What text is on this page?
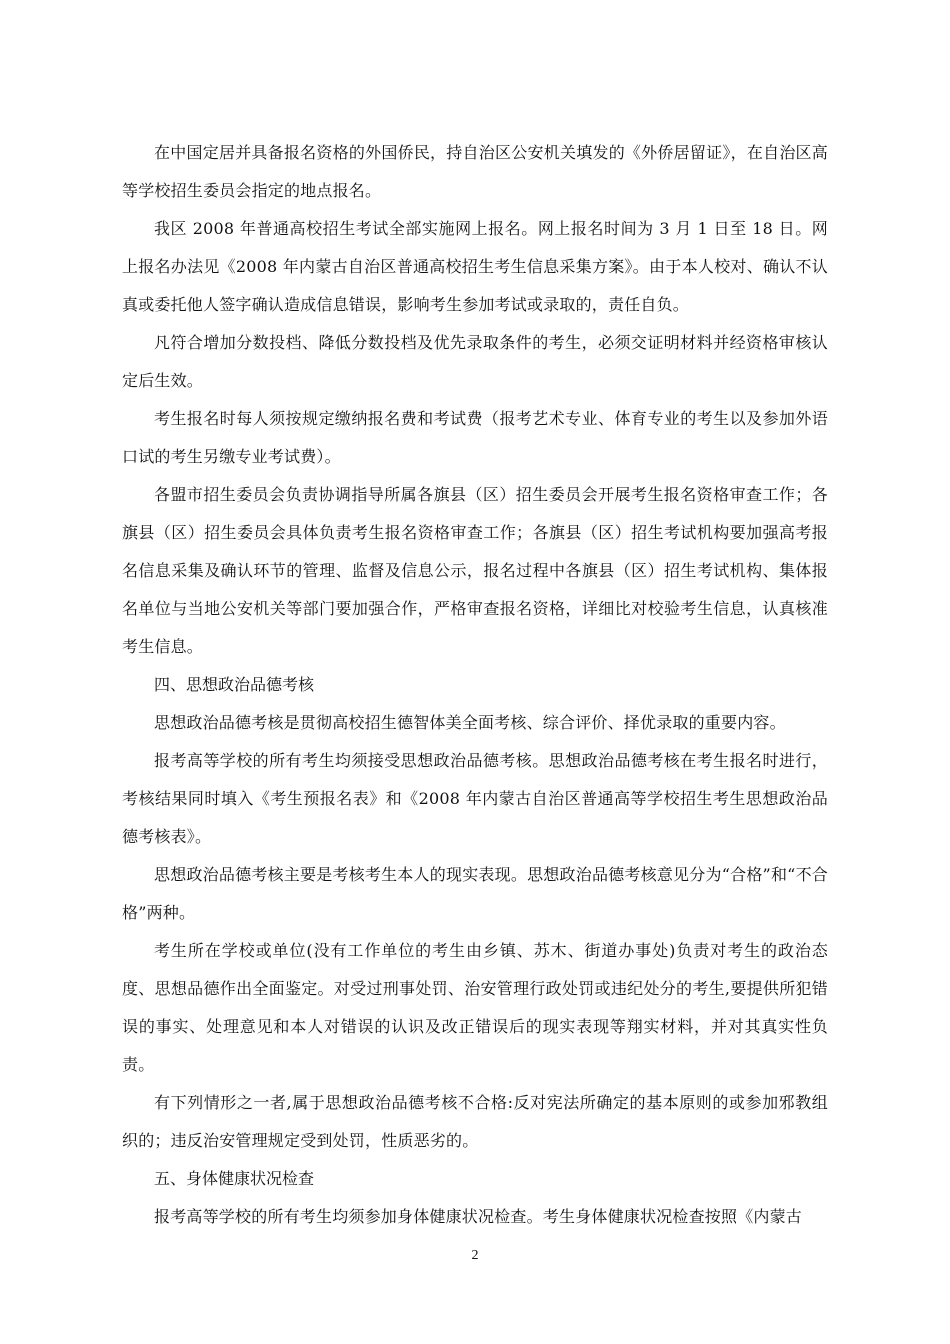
在中国定居并具备报名资格的外国侨民，持自治区公安机关填发的《外侨居留证》，在自治区高等学校招生委员会指定的地点报名。

我区 2008 年普通高校招生考试全部实施网上报名。网上报名时间为 3 月 1 日至 18 日。网上报名办法见《2008 年内蒙古自治区普通高校招生考生信息采集方案》。由于本人校对、确认不认真或委托他人签字确认造成信息错误，影响考生参加考试或录取的，责任自负。

凡符合增加分数投档、降低分数投档及优先录取条件的考生，必须交证明材料并经资格审核认定后生效。

考生报名时每人须按规定缴纳报名费和考试费（报考艺术专业、体育专业的考生以及参加外语口试的考生另缴专业考试费）。

各盟市招生委员会负责协调指导所属各旗县（区）招生委员会开展考生报名资格审查工作；各旗县（区）招生委员会具体负责考生报名资格审查工作；各旗县（区）招生考试机构要加强高考报名信息采集及确认环节的管理、监督及信息公示，报名过程中各旗县（区）招生考试机构、集体报名单位与当地公安机关等部门要加强合作，严格审查报名资格，详细比对校验考生信息，认真核准考生信息。

四、思想政治品德考核

思想政治品德考核是贯彻高校招生德智体美全面考核、综合评价、择优录取的重要内容。

报考高等学校的所有考生均须接受思想政治品德考核。思想政治品德考核在考生报名时进行，考核结果同时填入《考生预报名表》和《2008 年内蒙古自治区普通高等学校招生考生思想政治品德考核表》。

思想政治品德考核主要是考核考生本人的现实表现。思想政治品德考核意见分为“合格”和“不合格”两种。

考生所在学校或单位(没有工作单位的考生由乡镇、苏木、街道办事处)负责对考生的政治态度、思想品德作出全面鉴定。对受过刑事处罚、治安管理行政处罚或违纪处分的考生,要提供所犯错误的事实、处理意见和本人对错误的认识及改正错误后的现实表现等翔实材料，并对其真实性负责。

有下列情形之一者,属于思想政治品德考核不合格:反对宪法所确定的基本原则的或参加邪教组织的；违反治安管理规定受到处罚，性质恶劣的。

五、身体健康状况检查

报考高等学校的所有考生均须参加身体健康状况检查。考生身体健康状况检查按照《内蒙古

2
